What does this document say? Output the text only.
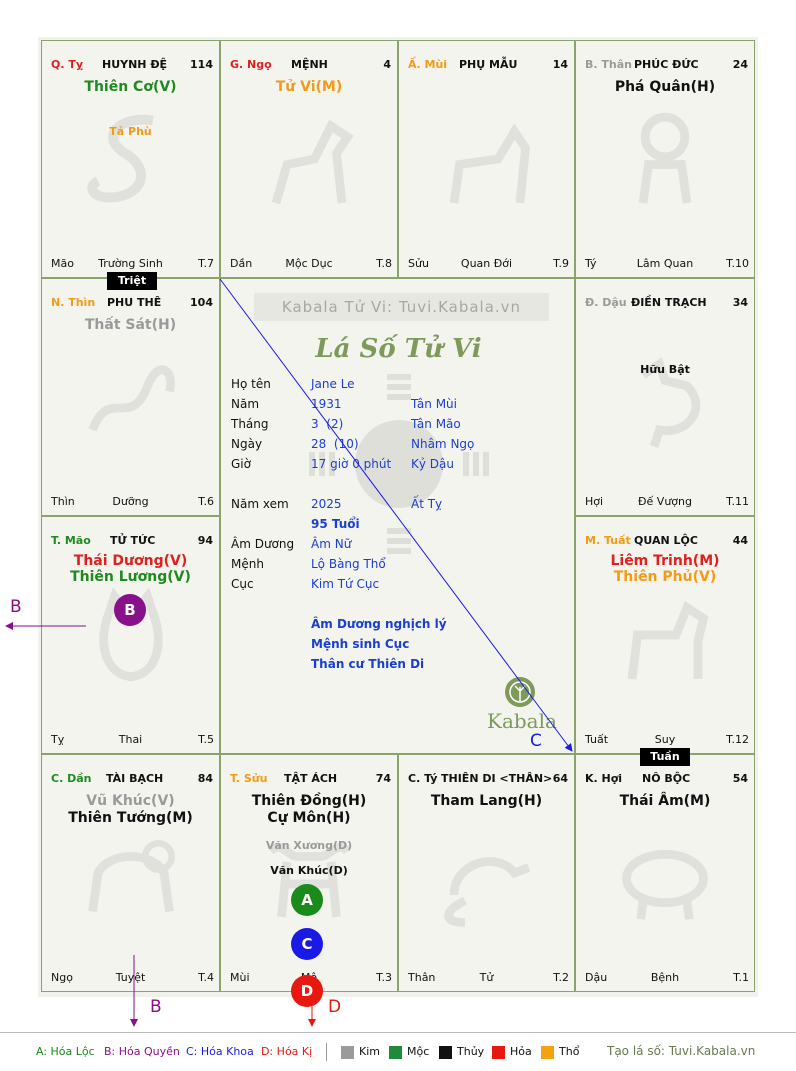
Q. Tỵ HUYNH ĐỆ 114
Thiên Cơ(V)
Tả Phù
Mão	Trường Sinh	T.7
G. Ngọ MỆNH	4
Tử Vi(M)
Dần	Mộc Dục	T.8
Ấ. Mùi PHỤ MẪU	14
Sửu	Quan Đới	T.9
B. Thân PHÚC ĐỨC	24
Phá Quân(H)
Tý	Lâm Quan	T.10
N. Thìn PHU THÊ	104
Thất Sát(H)
Thìn	Dưỡng	T.6
Kabala Tử Vi: Tuvi.Kabala.vn
Lá Số Tử Vi
Họ tên	Jane Le
Năm	1931	Tân Mùi
Tháng	3  (2)	Tân Mão
Ngày	28  (10)	Nhâm Ngọ
Giờ	17 giờ 0 phút Kỷ Dậu
Năm xem 2025	Ất Tỵ
95 Tuổi
Âm Dương Âm Nữ
Mệnh	Lộ Bàng Thổ
Cục	Kim Tứ Cục
Âm Dương nghịch lý
Mệnh sinh Cục
Thân cư Thiên Di
Kabala
Đ. Dậu ĐIỀN TRẠCH 34
Hữu Bật
Hợi	Đế Vượng	T.11
T. Mão TỬ TỨC	94
Thái Dương(V)
Thiên Lương(V)
Tỵ	Thai	T.5
M. Tuất QUAN LỘC	44
Liêm Trinh(M)
Thiên Phủ(V)
Tuất	Suy	T.12
C. Dần TÀI BẠCH	84
Vũ Khúc(V)
Thiên Tướng(M)
Ngọ	Tuyệt	T.4
T. Sửu TẬT ÁCH	74
Thiên Đồng(H)
Cự Môn(H)
Văn Xương(D)
Văn Khúc(D)
Mùi	T.3
C. Tý THIÊN DI <THÂN> 64
Tham Lang(H)
Thân	Tử	T.2
K. Hợi NÔ BỘC	54
Thái Âm(M)
Dậu	Bệnh	T.1
Triệt
Tuần
B
A
C
D
B
B
C
D
A: Hóa Lộc B: Hóa Quyền C: Hóa Khoa D: Hóa Kị	Kim Mộc	Thủy Hỏa Thổ Tạo lá số: Tuvi.Kabala.vn
